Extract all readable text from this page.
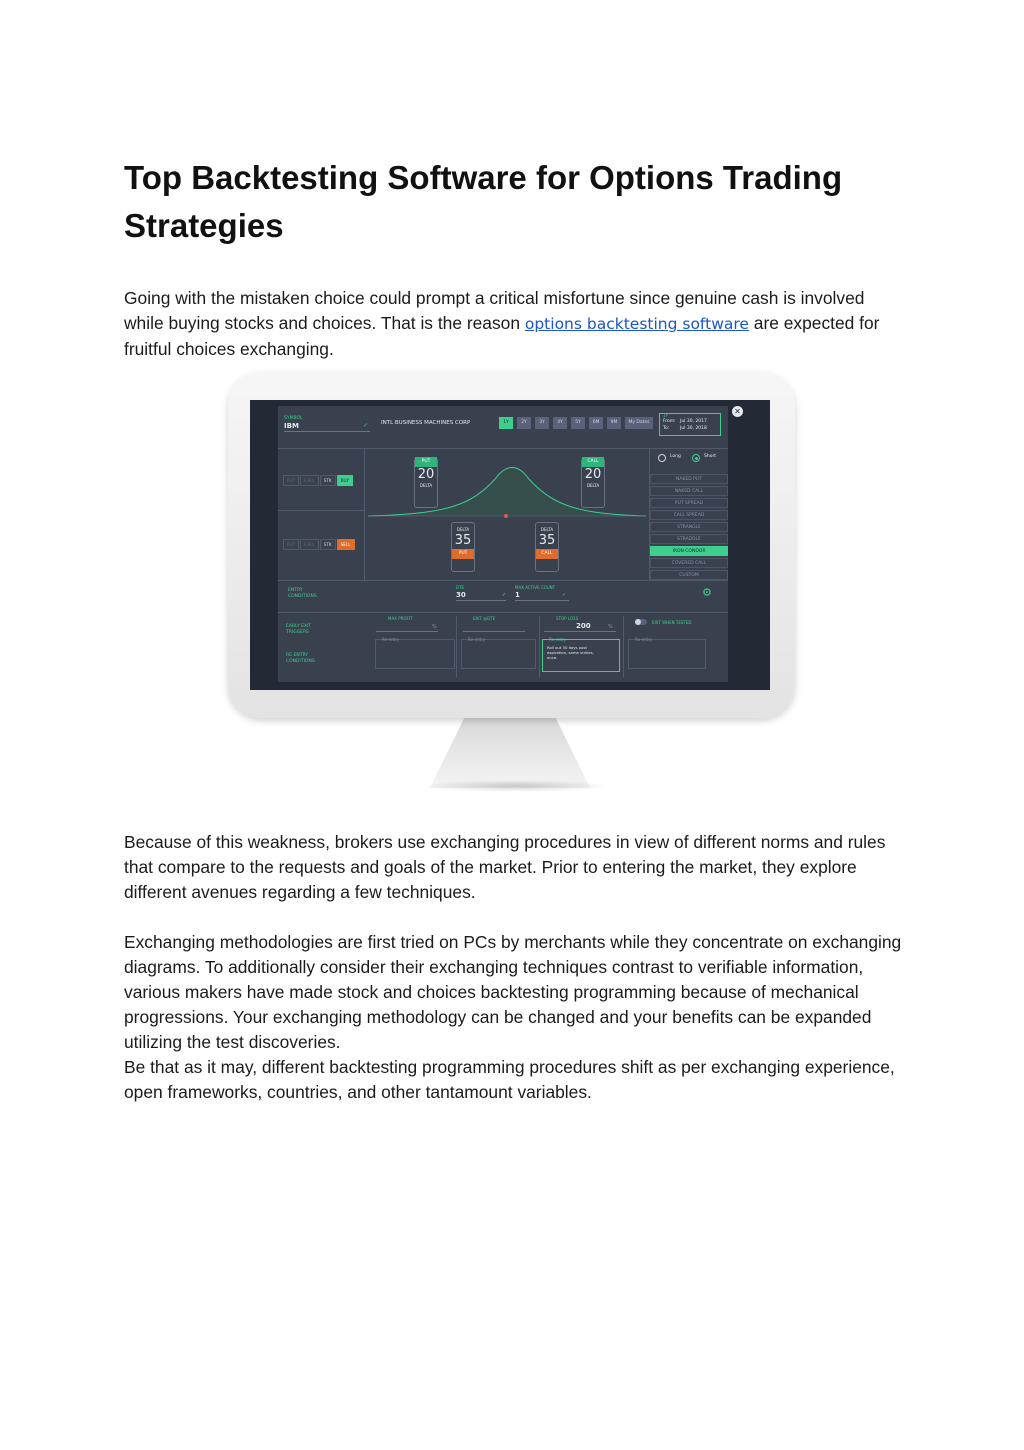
Top Backtesting Software for Options Trading Strategies

Going with the mistaken choice could prompt a critical misfortune since genuine cash is involved while buying stocks and choices. That is the reason options backtesting software are expected for fruitful choices exchanging.

✕
SYMBOL
IBM	✓ INTL BUSINESS MACHINES CORP	1Y	2Y	3Y	4Y	5Y	6M	9M	My Dates
1Y
From: Jul 30, 2017
To: Jul 30, 2018
PUT CALL STK BUY
PUT CALL STK SELL
PUT
20
DELTA
CALL
20
DELTA
DELTA
35
PUT
DELTA
35
CALL
Long	Short
NAKED PUT
NAKED CALL
PUT SPREAD
CALL SPREAD
STRANGLE
STRADDLE
IRON CONDOR
COVERED CALL
CUSTOM
ENTRY CONDITIONS
DTE
30	✓
MAX ACTIVE COUNT
1	✓	⚙
EARLY EXIT TRIGGERS
RE-ENTRY CONDITIONS
MAX PROFIT
%
Re-entry
EXIT @DTE
Re-entry
STOP LOSS
200	%
Re-entry
Roll out 30 days post expiration, same strikes, once.
EXIT WHEN TESTED
Re-entry

Because of this weakness, brokers use exchanging procedures in view of different norms and rules that compare to the requests and goals of the market. Prior to entering the market, they explore different avenues regarding a few techniques.

Exchanging methodologies are first tried on PCs by merchants while they concentrate on exchanging diagrams. To additionally consider their exchanging techniques contrast to verifiable information, various makers have made stock and choices backtesting programming because of mechanical progressions. Your exchanging methodology can be changed and your benefits can be expanded utilizing the test discoveries.

Be that as it may, different backtesting programming procedures shift as per exchanging experience, open frameworks, countries, and other tantamount variables.
